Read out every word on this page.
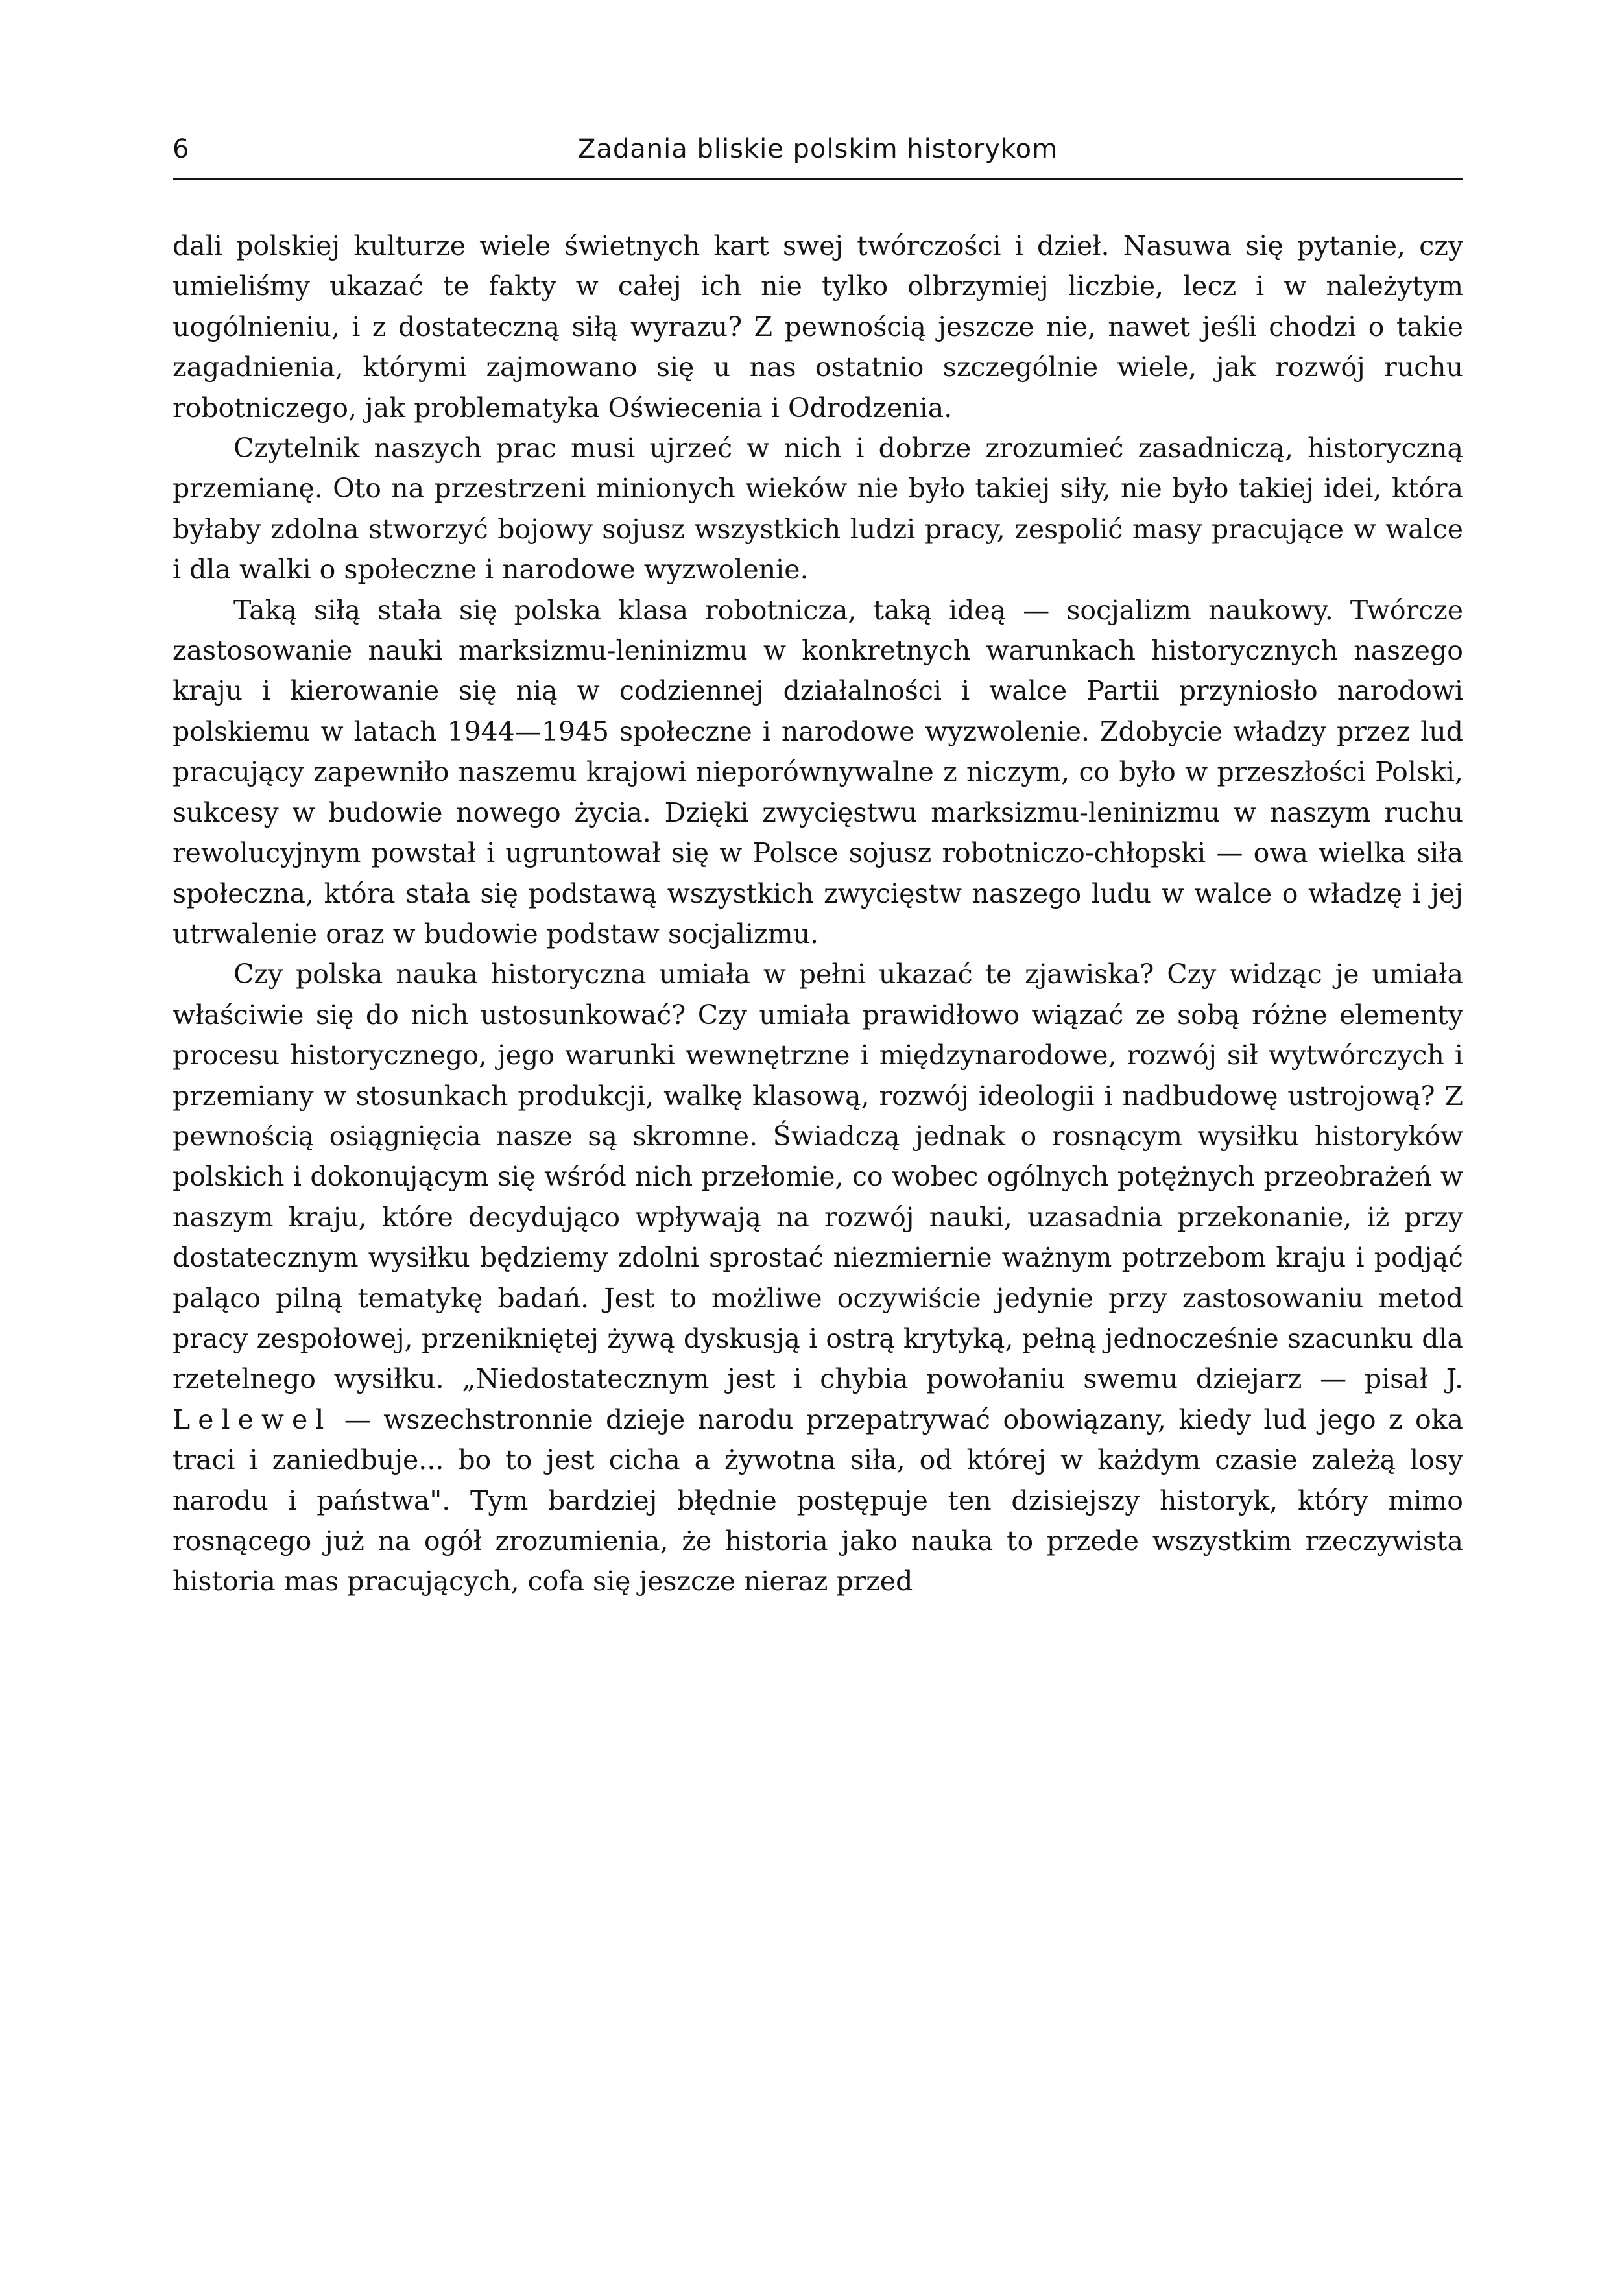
6	Zadania bliskie polskim historykom

dali polskiej kulturze wiele świetnych kart swej twórczości i dzieł. Nasuwa się pytanie, czy umieliśmy ukazać te fakty w całej ich nie tylko olbrzymiej liczbie, lecz i w należytym uogólnieniu, i z dostateczną siłą wyrazu? Z pewnością jeszcze nie, nawet jeśli chodzi o takie zagadnienia, którymi zajmowano się u nas ostatnio szczególnie wiele, jak rozwój ruchu robotniczego, jak problematyka Oświecenia i Odrodzenia.

Czytelnik naszych prac musi ujrzeć w nich i dobrze zrozumieć zasadniczą, historyczną przemianę. Oto na przestrzeni minionych wieków nie było takiej siły, nie było takiej idei, która byłaby zdolna stworzyć bojowy sojusz wszystkich ludzi pracy, zespolić masy pracujące w walce i dla walki o społeczne i narodowe wyzwolenie.

Taką siłą stała się polska klasa robotnicza, taką ideą — socjalizm naukowy. Twórcze zastosowanie nauki marksizmu-leninizmu w konkretnych warunkach historycznych naszego kraju i kierowanie się nią w codziennej działalności i walce Partii przyniosło narodowi polskiemu w latach 1944—1945 społeczne i narodowe wyzwolenie. Zdobycie władzy przez lud pracujący zapewniło naszemu krajowi nieporównywalne z niczym, co było w przeszłości Polski, sukcesy w budowie nowego życia. Dzięki zwycięstwu marksizmu-leninizmu w naszym ruchu rewolucyjnym powstał i ugruntował się w Polsce sojusz robotniczo-chłopski — owa wielka siła społeczna, która stała się podstawą wszystkich zwycięstw naszego ludu w walce o władzę i jej utrwalenie oraz w budowie podstaw socjalizmu.

Czy polska nauka historyczna umiała w pełni ukazać te zjawiska? Czy widząc je umiała właściwie się do nich ustosunkować? Czy umiała prawidłowo wiązać ze sobą różne elementy procesu historycznego, jego warunki wewnętrzne i międzynarodowe, rozwój sił wytwórczych i przemiany w stosunkach produkcji, walkę klasową, rozwój ideologii i nadbudowę ustrojową? Z pewnością osiągnięcia nasze są skromne. Świadczą jednak o rosnącym wysiłku historyków polskich i dokonującym się wśród nich przełomie, co wobec ogólnych potężnych przeobrażeń w naszym kraju, które decydująco wpływają na rozwój nauki, uzasadnia przekonanie, iż przy dostatecznym wysiłku będziemy zdolni sprostać niezmiernie ważnym potrzebom kraju i podjąć paląco pilną tematykę badań. Jest to możliwe oczywiście jedynie przy zastosowaniu metod pracy zespołowej, przenikniętej żywą dyskusją i ostrą krytyką, pełną jednocześnie szacunku dla rzetelnego wysiłku. „Niedostatecznym jest i chybia powołaniu swemu dziejarz — pisał J. Lelewel — wszechstronnie dzieje narodu przepatrywać obowiązany, kiedy lud jego z oka traci i zaniedbuje... bo to jest cicha a żywotna siła, od której w każdym czasie zależą losy narodu i państwa". Tym bardziej błędnie postępuje ten dzisiejszy historyk, który mimo rosnącego już na ogół zrozumienia, że historia jako nauka to przede wszystkim rzeczywista historia mas pracujących, cofa się jeszcze nieraz przed
